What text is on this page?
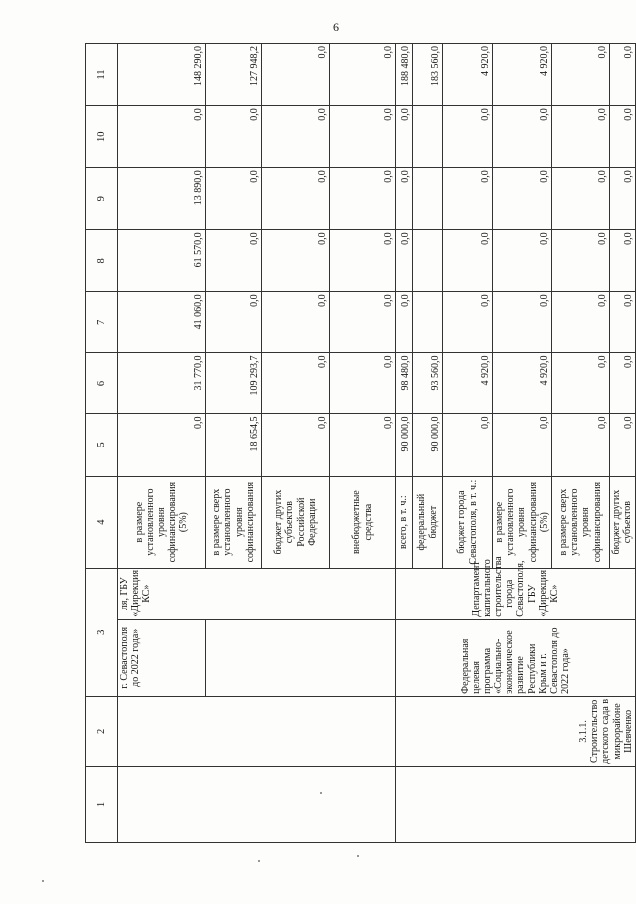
6
1	2	3		4	5	6	7	8	9	10	11
		г. Севастополя до 2022 года»	ля, ГБУ «Дирекция КС»	в размере установленного уровня софинансирования (5%)	0,0	31 770,0	41 060,0	61 570,0	13 890,0	0,0	148 290,0
				в размере сверх установленного уровня софинансирования	18 654,5	109 293,7	0,0	0,0	0,0	0,0	127 948,2
				бюджет других субъектов Российской Федерации	0,0	0,0	0,0	0,0	0,0	0,0	0,0
				внебюджетные средства	0,0	0,0	0,0	0,0	0,0	0,0	0,0
	3.1.1. Строительство детского сада в микрорайоне Шевченко	Федеральная целевая программа «Социально-экономическое развитие Республики Крым и г. Севастополя до 2022 года»	Департамент капитального строительства города Севастополя, ГБУ «Дирекция КС»	всего, в т. ч.:	90 000,0	98 480,0	0,0	0,0	0,0	0,0	188 480,0
				федеральный бюджет	90 000,0	93 560,0					183 560,0
				бюджет города Севастополя, в т. ч.:	0,0	4 920,0	0,0	0,0	0,0	0,0	4 920,0
				в размере установленного уровня софинансирования (5%)	0,0	4 920,0	0,0	0,0	0,0	0,0	4 920,0
				в размере сверх установленного уровня софинансирования	0,0	0,0	0,0	0,0	0,0	0,0	0,0
				бюджет других субъектов	0,0	0,0	0,0	0,0	0,0	0,0	0,0
